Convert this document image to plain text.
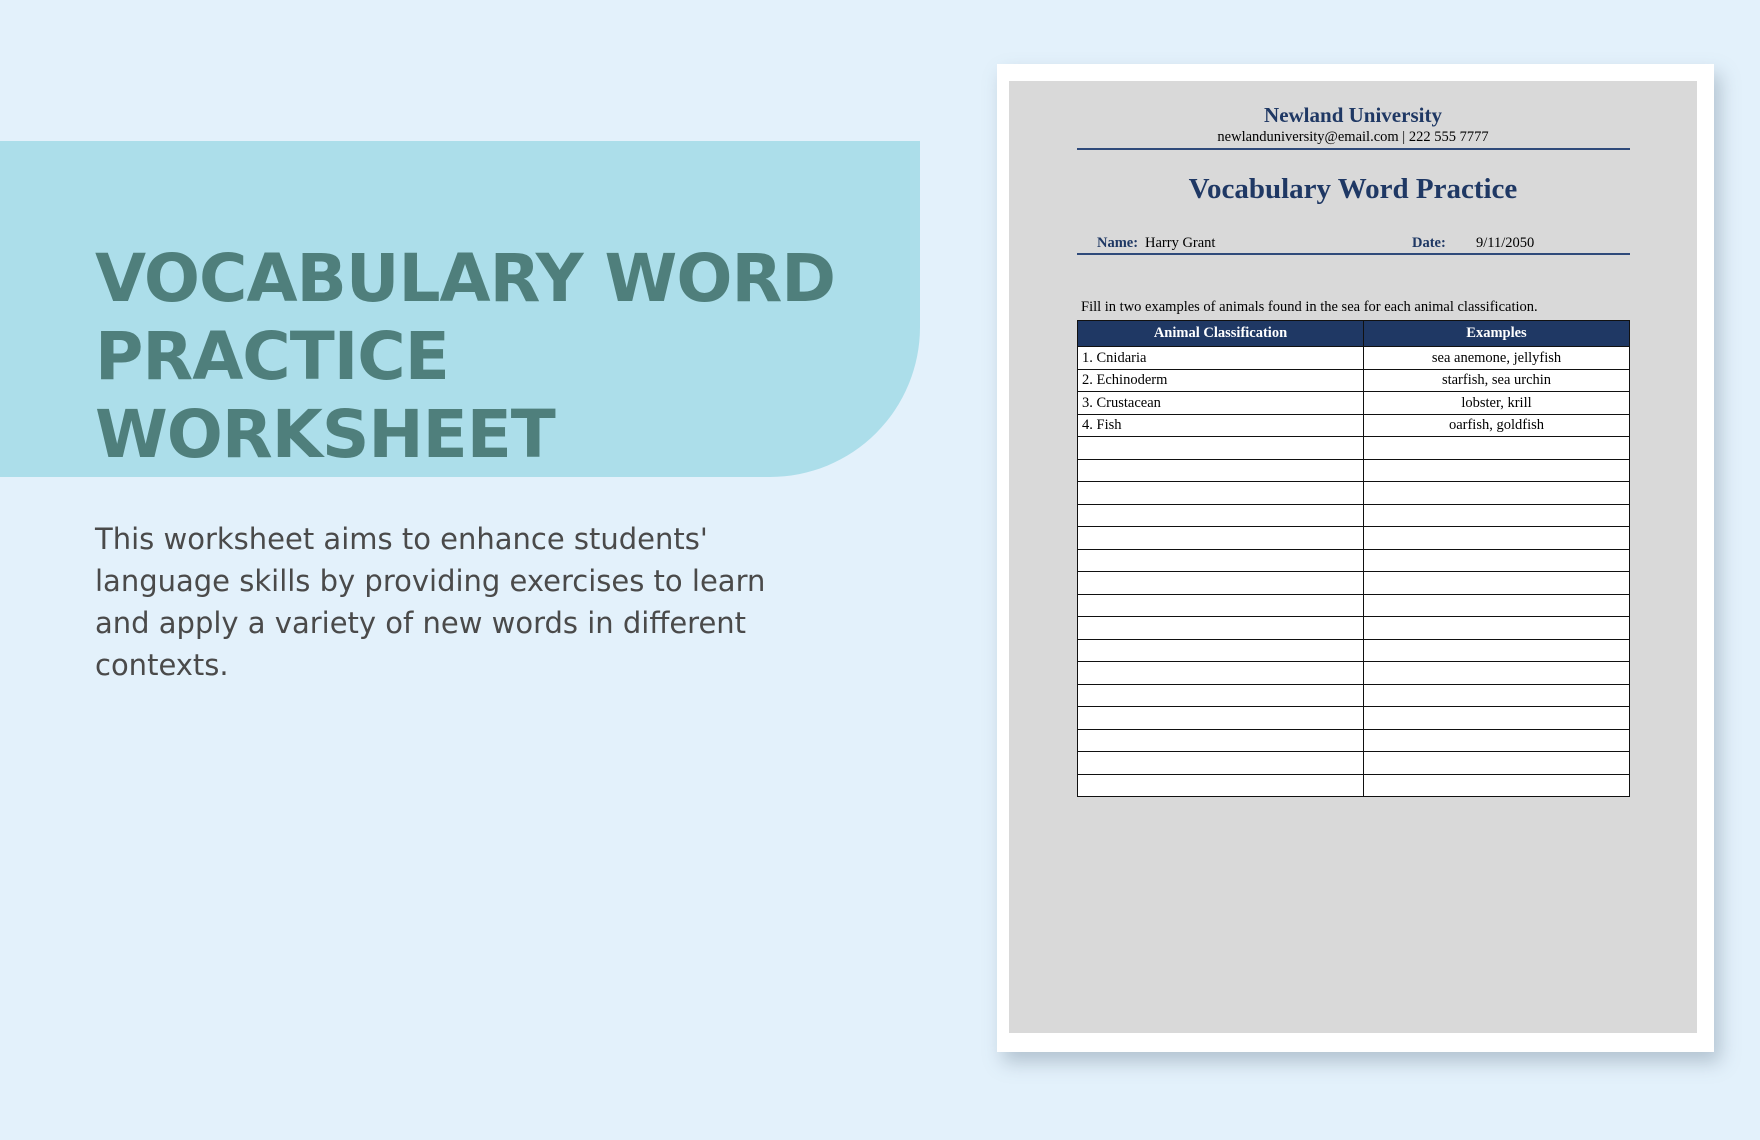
VOCABULARY WORD PRACTICE WORKSHEET

This worksheet aims to enhance students' language skills by providing exercises to learn and apply a variety of new words in different contexts.

Newland University
newlanduniversity@email.com | 222 555 7777
Vocabulary Word Practice
Name: Harry Grant	Date: 9/11/2050
Fill in two examples of animals found in the sea for each animal classification.
Animal Classification	Examples
1. Cnidaria	sea anemone, jellyfish
2. Echinoderm	starfish, sea urchin
3. Crustacean	lobster, krill
4. Fish	oarfish, goldfish
